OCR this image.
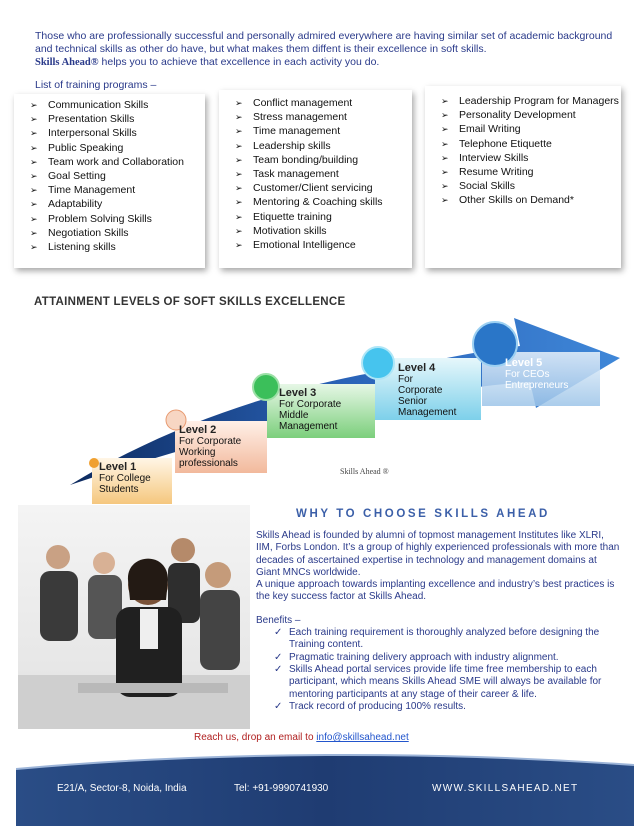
Those who are professionally successful and personally admired everywhere are having similar set of academic background
and technical skills as other do have, but what makes them diffent is their excellence in soft skills.
Skills Ahead® helps you to achieve that excellence in each activity you do.
List of training programs –
➢ Communication Skills
➢ Presentation Skills
➢ Interpersonal Skills
➢ Public Speaking
➢ Team work and Collaboration
➢ Goal Setting
➢ Time Management
➢ Adaptability
➢ Problem Solving Skills
➢ Negotiation Skills
➢ Listening skills
➢ Conflict management
➢ Stress management
➢ Time management
➢ Leadership skills
➢ Team bonding/building
➢ Task management
➢ Customer/Client servicing
➢ Mentoring & Coaching skills
➢ Etiquette training
➢ Motivation skills
➢ Emotional Intelligence
➢ Leadership Program for Managers
➢ Personality Development
➢ Email Writing
➢ Telephone Etiquette
➢ Interview Skills
➢ Resume Writing
➢ Social Skills
➢ Other Skills on Demand*
ATTAINMENT LEVELS OF SOFT SKILLS EXCELLENCE
Level 1
For College
Students
Level 2
For Corporate
Working
professionals
Level 3
For Corporate
Middle
Management
Level 4
For
Corporate
Senior
Management
Level 5
For CEOs
Entrepreneurs
Skills Ahead ®
WHY TO CHOOSE SKILLS AHEAD

Skills Ahead is founded by alumni of topmost management Institutes like XLRI, IIM, Forbs London. It’s a group of highly experienced professionals with more than decades of ascertained expertise in technology and management domains at Giant MNCs worldwide.

A unique approach towards implanting excellence and industry’s best practices is the key success factor at Skills Ahead.

Benefits –

✓ Each training requirement is thoroughly analyzed before designing the Training content.
✓ Pragmatic training delivery approach with industry alignment.
✓ Skills Ahead portal services provide life time free membership to each participant, which means Skills Ahead SME will always be available for mentoring participants at any stage of their career & life.
✓ Track record of producing 100% results.
Reach us, drop an email to info@skillsahead.net
E21/A, Sector-8, Noida, India	Tel: +91-9990741930	WWW.SKILLSAHEAD.NET
